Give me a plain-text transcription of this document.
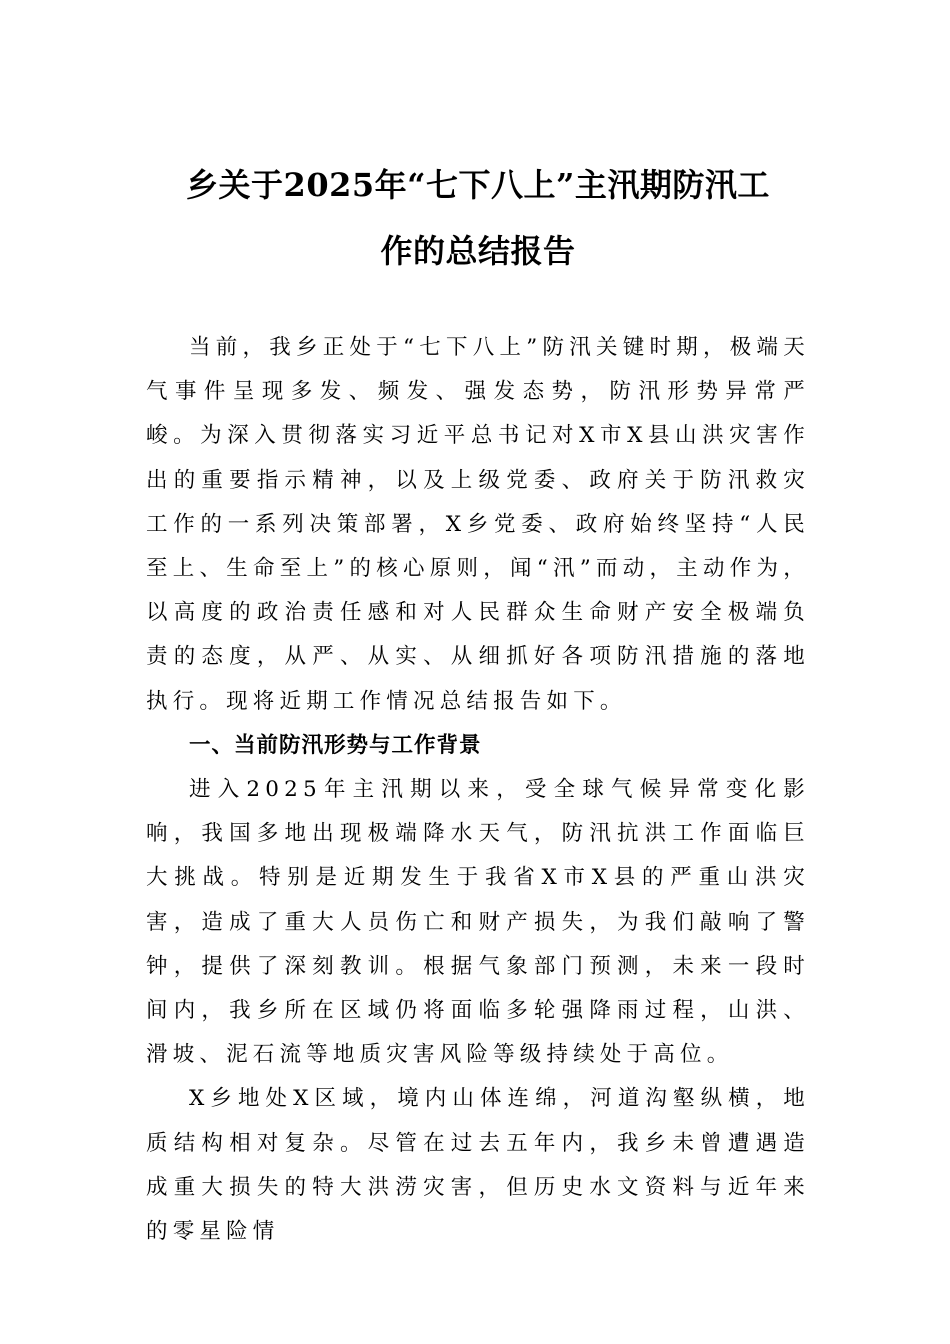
乡关于2025年“七下八上”主汛期防汛工
作的总结报告

当前，我乡正处于“七下八上”防汛关键时期，极端天气事件呈现多发、频发、强发态势，防汛形势异常严峻。为深入贯彻落实习近平总书记对X市X县山洪灾害作出的重要指示精神，以及上级党委、政府关于防汛救灾工作的一系列决策部署，X乡党委、政府始终坚持“人民至上、生命至上”的核心原则，闻“汛”而动，主动作为，以高度的政治责任感和对人民群众生命财产安全极端负责的态度，从严、从实、从细抓好各项防汛措施的落地执行。现将近期工作情况总结报告如下。

一、当前防汛形势与工作背景

进入2025年主汛期以来，受全球气候异常变化影响，我国多地出现极端降水天气，防汛抗洪工作面临巨大挑战。特别是近期发生于我省X市X县的严重山洪灾害，造成了重大人员伤亡和财产损失，为我们敲响了警钟，提供了深刻教训。根据气象部门预测，未来一段时间内，我乡所在区域仍将面临多轮强降雨过程，山洪、滑坡、泥石流等地质灾害风险等级持续处于高位。

X乡地处X区域，境内山体连绵，河道沟壑纵横，地质结构相对复杂。尽管在过去五年内，我乡未曾遭遇造成重大损失的特大洪涝灾害，但历史水文资料与近年来的零星险情
